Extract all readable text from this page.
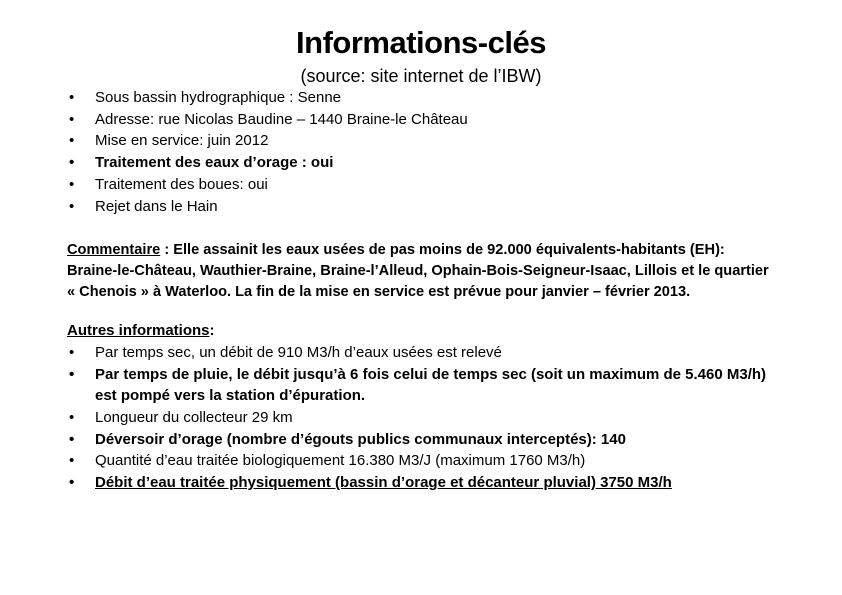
Informations-clés
(source: site internet de l’IBW)
• Sous bassin hydrographique : Senne
• Adresse: rue Nicolas Baudine – 1440 Braine-le Château
• Mise en service: juin 2012
• Traitement des eaux d’orage : oui
• Traitement des boues: oui
• Rejet dans le Hain

Commentaire : Elle assainit les eaux usées de pas moins de 92.000 équivalents-habitants (EH): Braine-le-Château, Wauthier-Braine, Braine-l’Alleud, Ophain-Bois-Seigneur-Isaac, Lillois et le quartier « Chenois » à Waterloo. La fin de la mise en service est prévue pour janvier – février 2013.

Autres informations:

• Par temps sec, un débit de 910 M3/h d’eaux usées est relevé
• Par temps de pluie, le débit jusqu’à 6 fois celui de temps sec (soit un maximum de 5.460 M3/h) est pompé vers la station d’épuration.
• Longueur du collecteur 29 km
• Déversoir d’orage (nombre d’égouts publics communaux interceptés): 140
• Quantité d’eau traitée biologiquement 16.380 M3/J (maximum 1760 M3/h)
• Débit d’eau traitée physiquement (bassin d’orage et décanteur pluvial) 3750 M3/h
